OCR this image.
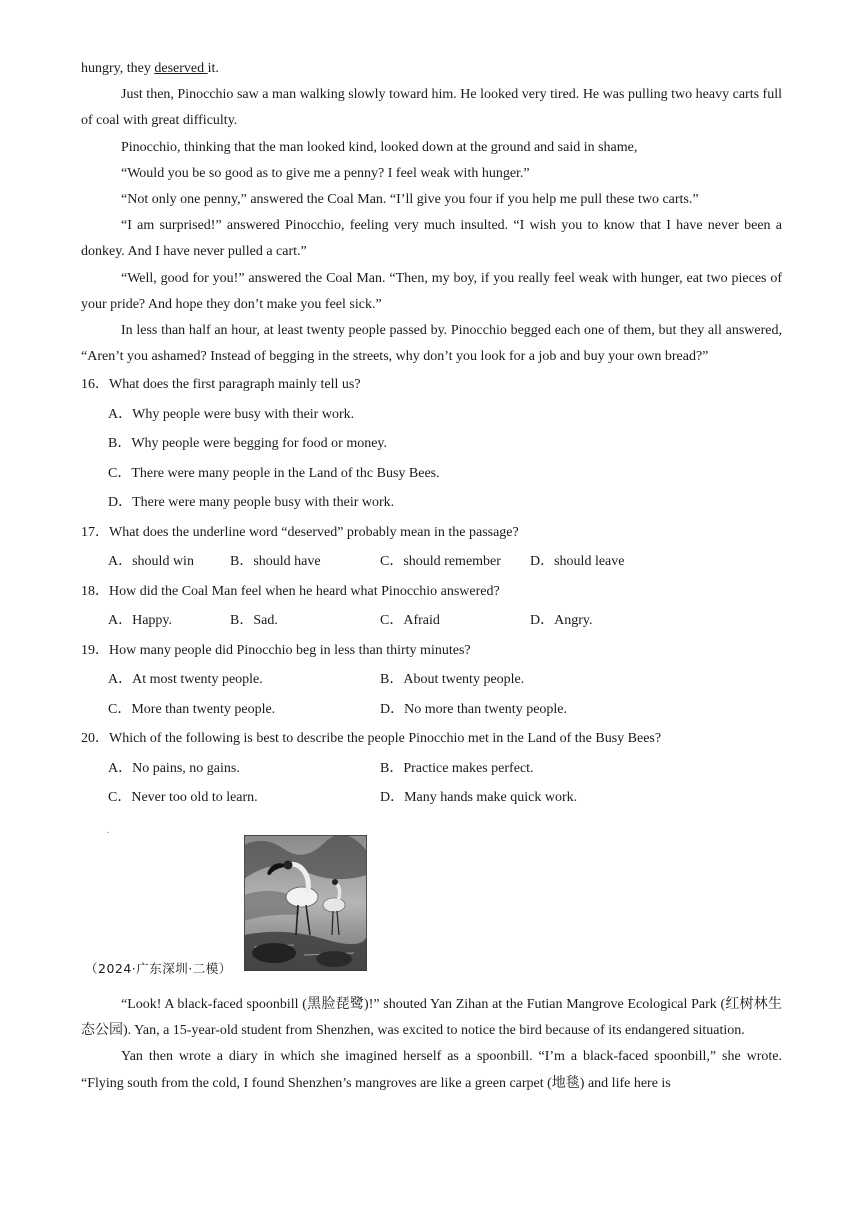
hungry, they deserved it.

Just then, Pinocchio saw a man walking slowly toward him. He looked very tired. He was pulling two heavy carts full of coal with great difficulty.

Pinocchio, thinking that the man looked kind, looked down at the ground and said in shame,

“Would you be so good as to give me a penny? I feel weak with hunger.”

“Not only one penny,” answered the Coal Man. “I’ll give you four if you help me pull these two carts.”

“I am surprised!” answered Pinocchio, feeling very much insulted. “I wish you to know that I have never been a donkey. And I have never pulled a cart.”

“Well, good for you!” answered the Coal Man. “Then, my boy, if you really feel weak with hunger, eat two pieces of your pride? And hope they don’t make you feel sick.”

In less than half an hour, at least twenty people passed by. Pinocchio begged each one of them, but they all answered, “Aren’t you ashamed? Instead of begging in the streets, why don’t you look for a job and buy your own bread?”

16．What does the first paragraph mainly tell us?
A．Why people were busy with their work.
B．Why people were begging for food or money.
C．There were many people in the Land of thc Busy Bees.
D．There were many people busy with their work.
17．What does the underline word “deserved” probably mean in the passage?
A．should win	B．should have	C．should remember	D．should leave
18．How did the Coal Man feel when he heard what Pinocchio answered?
A．Happy.	B．Sad.	C．Afraid	D．Angry.
19．How many people did Pinocchio beg in less than thirty minutes?
A．At most twenty people.	B．About twenty people.
C．More than twenty people.	D．No more than twenty people.
20．Which of the following is best to describe the people Pinocchio met in the Land of the Busy Bees?
A．No pains, no gains.	B．Practice makes perfect.
C．Never too old to learn.	D．Many hands make quick work.
.
（2024·广东深圳·二模）

“Look! A black-faced spoonbill (黑脸琵鹭)!” shouted Yan Zihan at the Futian Mangrove Ecological Park (红树林生态公园). Yan, a 15-year-old student from Shenzhen, was excited to notice the bird because of its endangered situation.

Yan then wrote a diary in which she imagined herself as a spoonbill. “I’m a black-faced spoonbill,” she wrote. “Flying south from the cold, I found Shenzhen’s mangroves are like a green carpet (地毯) and life here is
